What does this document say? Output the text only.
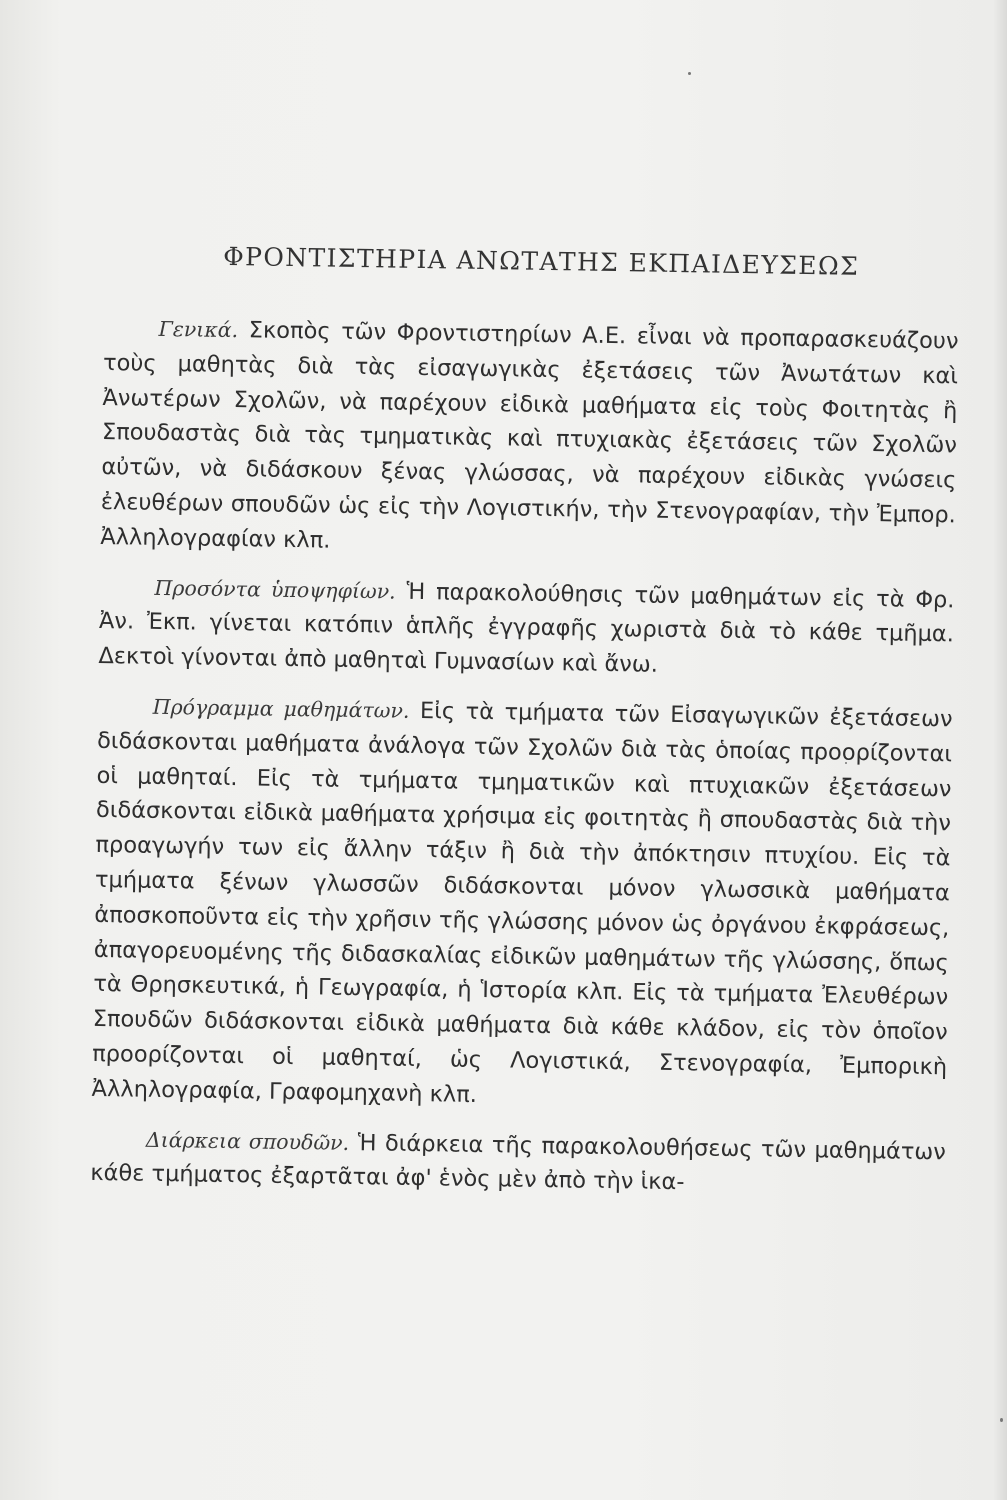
ΦΡΟΝΤΙΣΤΗΡΙΑ ΑΝΩΤΑΤΗΣ ΕΚΠΑΙΔΕΥΣΕΩΣ

Γενικά. Σκοπὸς τῶν Φροντιστηρίων Α.Ε. εἶναι νὰ προπαρασκευάζουν τοὺς μαθητὰς διὰ τὰς εἰσαγωγικὰς ἐξετάσεις τῶν Ἀνωτάτων καὶ Ἀνωτέρων Σχολῶν, νὰ παρέχουν εἰδικὰ μαθήματα εἰς τοὺς Φοιτητὰς ἢ Σπουδαστὰς διὰ τὰς τμηματικὰς καὶ πτυχιακὰς ἐξετάσεις τῶν Σχολῶν αὐτῶν, νὰ διδάσκουν ξένας γλώσσας, νὰ παρέχουν εἰδικὰς γνώσεις ἐλευθέρων σπουδῶν ὡς εἰς τὴν Λογιστικήν, τὴν Στενογραφίαν, τὴν Ἐμπορ. Ἀλληλογραφίαν κλπ.

Προσόντα ὑποψηφίων. Ἡ παρακολούθησις τῶν μαθημάτων εἰς τὰ Φρ. Ἀν. Ἐκπ. γίνεται κατόπιν ἁπλῆς ἐγγραφῆς χωριστὰ διὰ τὸ κάθε τμῆμα. Δεκτοὶ γίνονται ἀπὸ μαθηταὶ Γυμνασίων καὶ ἄνω.

Πρόγραμμα μαθημάτων. Εἰς τὰ τμήματα τῶν Εἰσαγωγικῶν ἐξετάσεων διδάσκονται μαθήματα ἀνάλογα τῶν Σχολῶν διὰ τὰς ὁποίας προορίζονται οἱ μαθηταί. Εἰς τὰ τμήματα τμηματικῶν καὶ πτυχιακῶν ἐξετάσεων διδάσκονται εἰδικὰ μαθήματα χρήσιμα εἰς φοιτητὰς ἢ σπουδαστὰς διὰ τὴν προαγωγήν των εἰς ἄλλην τάξιν ἢ διὰ τὴν ἀπόκτησιν πτυχίου. Εἰς τὰ τμήματα ξένων γλωσσῶν διδάσκονται μόνον γλωσσικὰ μαθήματα ἀποσκοποῦντα εἰς τὴν χρῆσιν τῆς γλώσσης μόνον ὡς ὀργάνου ἐκφράσεως, ἀπαγορευομένης τῆς διδασκαλίας εἰδικῶν μαθημάτων τῆς γλώσσης, ὅπως τὰ Θρησκευτικά, ἡ Γεωγραφία, ἡ Ἱστορία κλπ. Εἰς τὰ τμήματα Ἐλευθέρων Σπουδῶν διδάσκονται εἰδικὰ μαθήματα διὰ κάθε κλάδον, εἰς τὸν ὁποῖον προορίζονται οἱ μαθηταί, ὡς Λογιστικά, Στενογραφία, Ἐμπορικὴ Ἀλληλογραφία, Γραφομηχανὴ κλπ.

Διάρκεια σπουδῶν. Ἡ διάρκεια τῆς παρακολουθήσεως τῶν μαθημάτων κάθε τμήματος ἐξαρτᾶται ἀφ' ἑνὸς μὲν ἀπὸ τὴν ἱκα-
